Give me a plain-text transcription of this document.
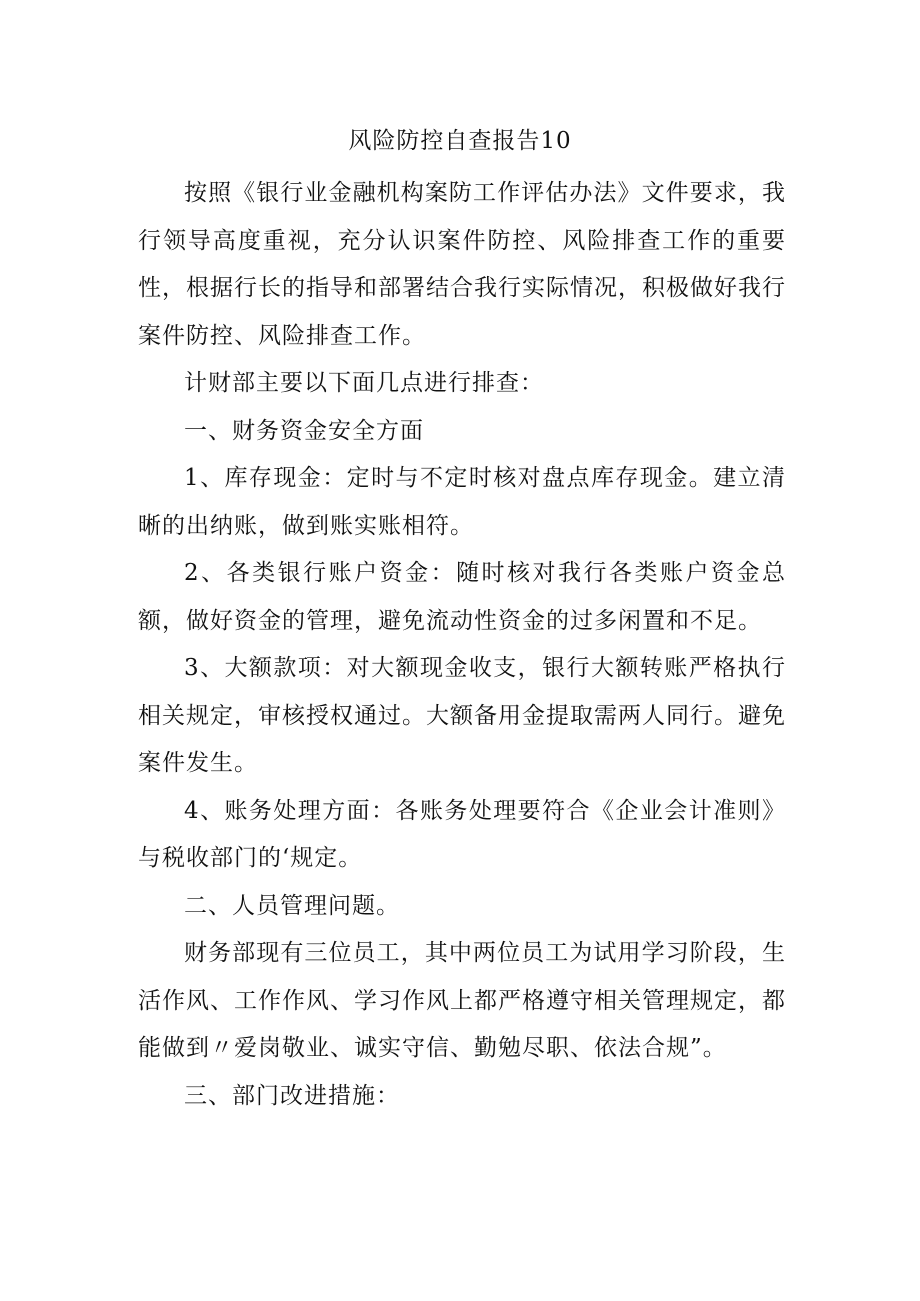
风险防控自查报告10

按照《银行业金融机构案防工作评估办法》文件要求，我行领导高度重视，充分认识案件防控、风险排查工作的重要性，根据行长的指导和部署结合我行实际情况，积极做好我行案件防控、风险排查工作。

计财部主要以下面几点进行排查：

一、财务资金安全方面

1、库存现金：定时与不定时核对盘点库存现金。建立清晰的出纳账，做到账实账相符。

2、各类银行账户资金：随时核对我行各类账户资金总额，做好资金的管理，避免流动性资金的过多闲置和不足。

3、大额款项：对大额现金收支，银行大额转账严格执行相关规定，审核授权通过。大额备用金提取需两人同行。避免案件发生。

4、账务处理方面：各账务处理要符合《企业会计准则》与税收部门的‘规定。

二、人员管理问题。

财务部现有三位员工，其中两位员工为试用学习阶段，生活作风、工作作风、学习作风上都严格遵守相关管理规定，都能做到〃爱岗敬业、诚实守信、勤勉尽职、依法合规”。

三、部门改进措施：
